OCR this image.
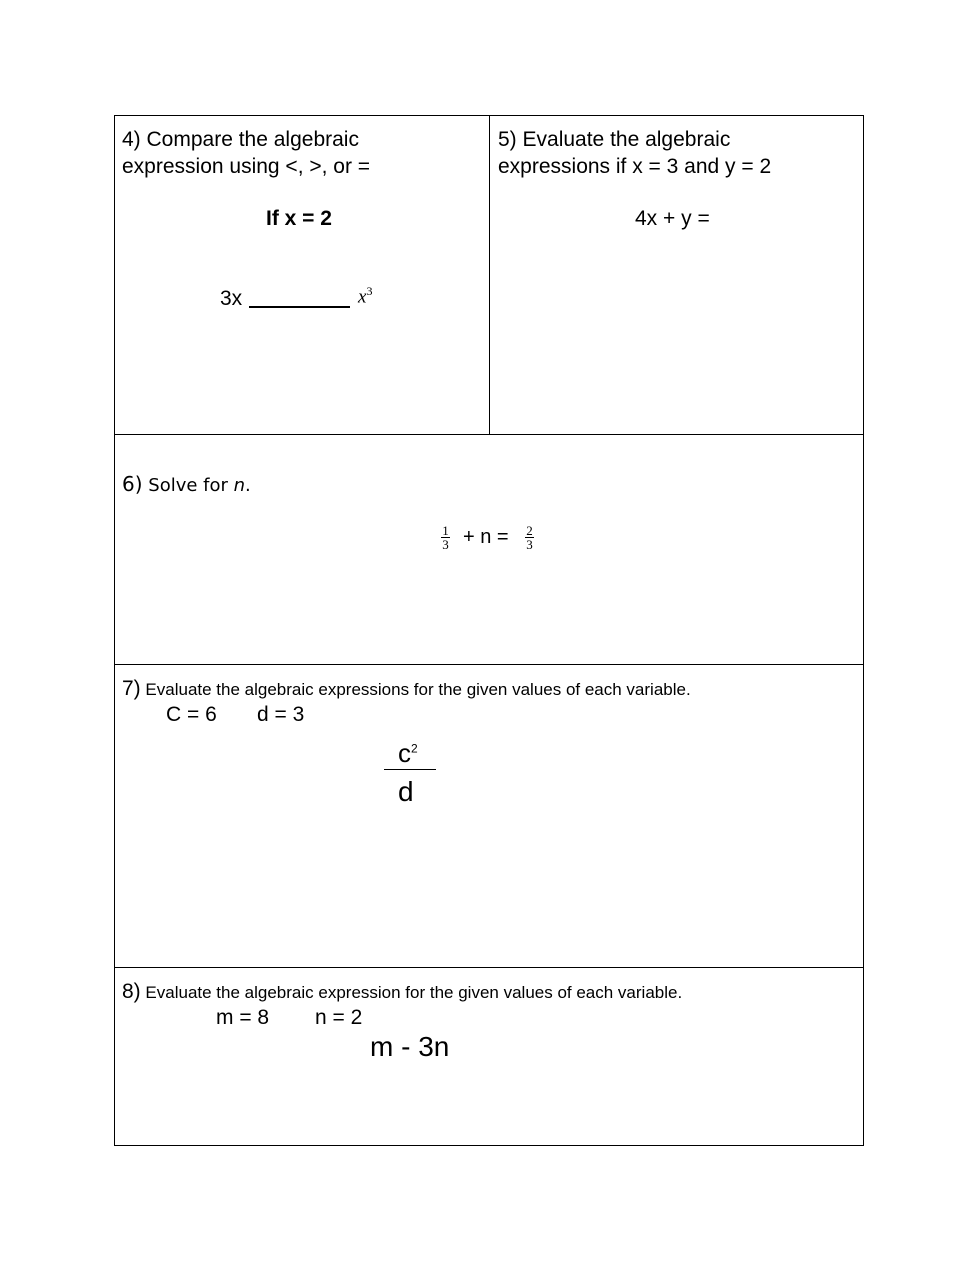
4) Compare the algebraic
expression using <, >, or =
If x = 2
3x	$x^3$
5) Evaluate the algebraic
expressions if x = 3 and y = 2
4x + y =
6) Solve for n.
1
3 + n = 2
3
7) Evaluate the algebraic expressions for the given values of each variable.
C = 6 d = 3
$c^2$
d
8) Evaluate the algebraic expression for the given values of each variable.
m = 8 n = 2
m - 3n
